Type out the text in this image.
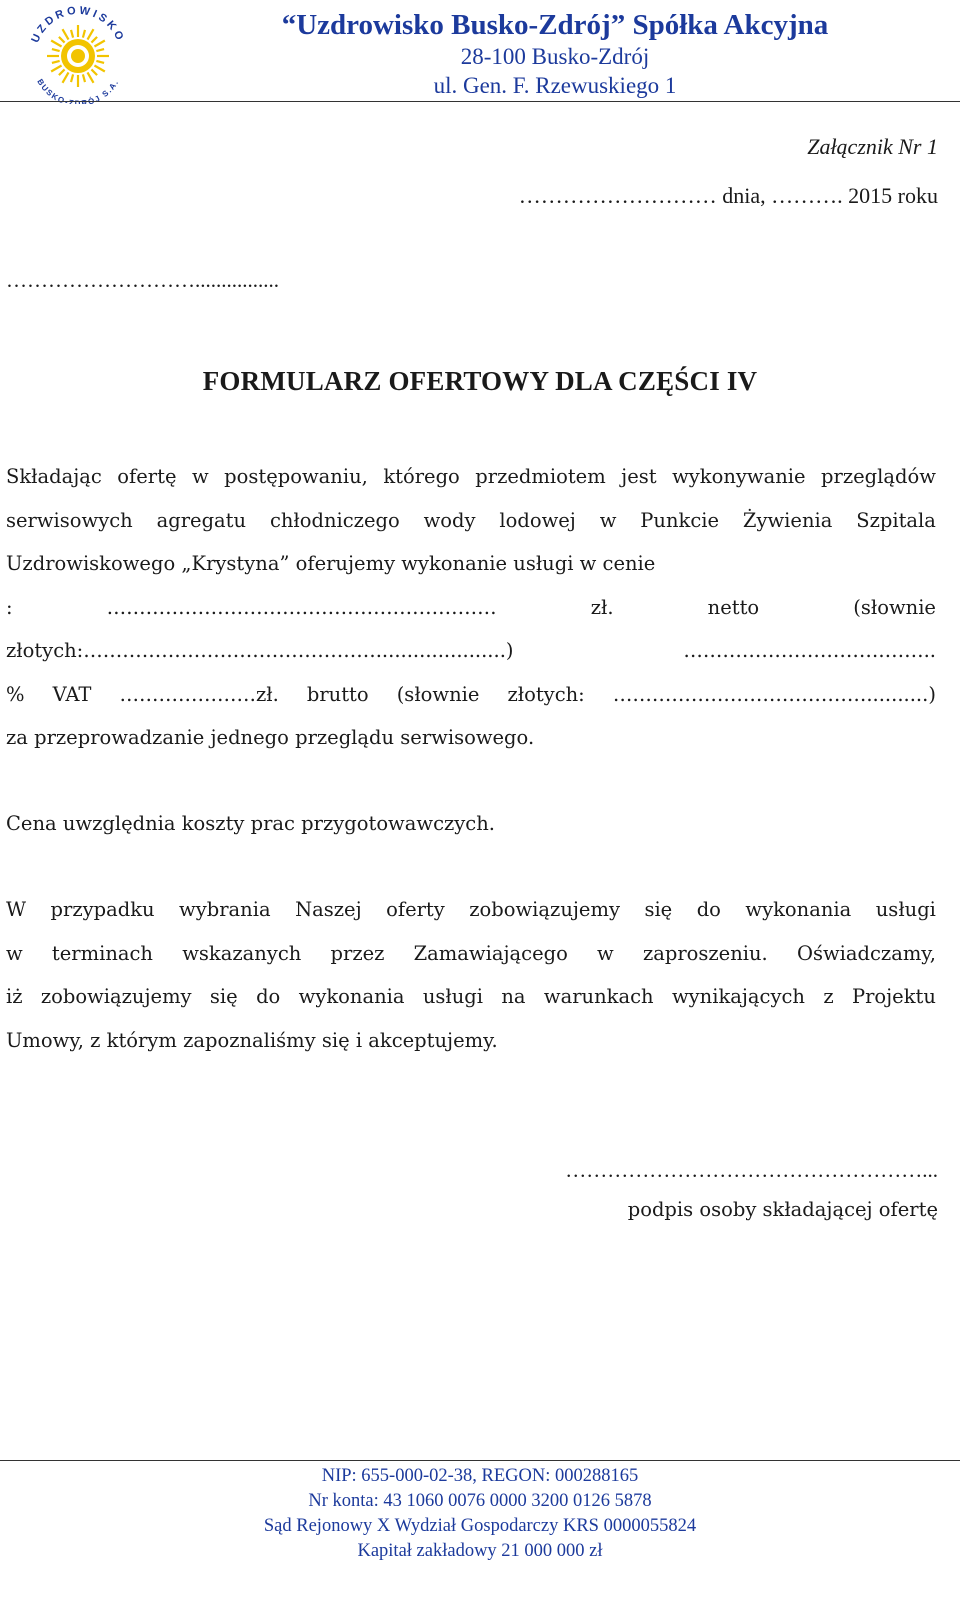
UZDROWISKO
BUSKO-ZDRÓJ S.A.
“Uzdrowisko Busko-Zdrój” Spółka Akcyjna
28-100 Busko-Zdrój
ul. Gen. F. Rzewuskiego 1
Załącznik Nr 1
……………………… dnia, ………. 2015 roku
………………………................
FORMULARZ OFERTOWY DLA CZĘŚCI IV
Składając ofertę w postępowaniu, którego przedmiotem jest wykonywanie przeglądów
serwisowych agregatu chłodniczego wody lodowej w Punkcie Żywienia Szpitala
Uzdrowiskowego „Krystyna” oferujemy wykonanie usługi w cenie
:	……………………………………………………	zł.	netto	(słownie
złotych:……………………………………….....................)	………………………….……..
% VAT …………………zł. brutto (słownie złotych: …………………………………..........)
za przeprowadzanie jednego przeglądu serwisowego.
Cena uwzględnia koszty prac przygotowawczych.
W przypadku wybrania Naszej oferty zobowiązujemy się do wykonania usługi
w terminach wskazanych przez Zamawiającego w zaproszeniu. Oświadczamy,
iż zobowiązujemy się do wykonania usługi na warunkach wynikających z Projektu
Umowy, z którym zapoznaliśmy się i akceptujemy.
……………………………………………...
podpis osoby składającej ofertę
NIP: 655-000-02-38, REGON: 000288165
Nr konta: 43 1060 0076 0000 3200 0126 5878
Sąd Rejonowy X Wydział Gospodarczy KRS 0000055824
Kapitał zakładowy 21 000 000 zł
